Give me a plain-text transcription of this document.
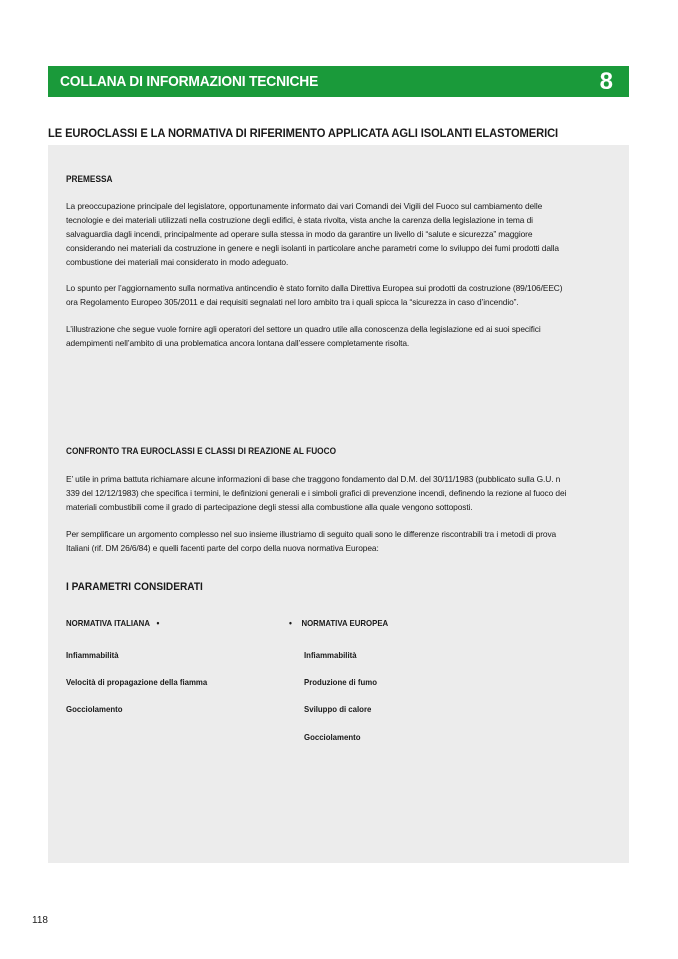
COLLANA DI INFORMAZIONI TECNICHE	8
LE EUROCLASSI E LA NORMATIVA DI RIFERIMENTO APPLICATA AGLI ISOLANTI ELASTOMERICI
PREMESSA

La preoccupazione principale del legislatore, opportunamente informato dai vari Comandi dei Vigili del Fuoco sul cambiamento delle
tecnologie e dei materiali utilizzati nella costruzione degli edifici, è stata rivolta, vista anche la carenza della legislazione in tema di
salvaguardia dagli incendi, principalmente ad operare sulla stessa in modo da garantire un livello di “salute e sicurezza” maggiore
considerando nei materiali da costruzione in genere e negli isolanti in particolare anche parametri come lo sviluppo dei fumi prodotti dalla
combustione dei materiali mai considerato in modo adeguato.

Lo spunto per l’aggiornamento sulla normativa antincendio è stato fornito dalla Direttiva Europea sui prodotti da costruzione (89/106/EEC)
ora Regolamento Europeo 305/2011 e dai requisiti segnalati nel loro ambito tra i quali spicca la “sicurezza in caso d’incendio”.

L’illustrazione che segue vuole fornire agli operatori del settore un quadro utile alla conoscenza della legislazione ed ai suoi specifici
adempimenti nell’ambito di una problematica ancora lontana dall’essere completamente risolta.

CONFRONTO TRA EUROCLASSI E CLASSI DI REAZIONE AL FUOCO

E’ utile in prima battuta richiamare alcune informazioni di base che traggono fondamento dal D.M. del 30/11/1983 (pubblicato sulla G.U. n
339 del 12/12/1983) che specifica i termini, le definizioni generali e i simboli grafici di prevenzione incendi, definendo la rezione al fuoco dei
materiali combustibili come il grado di partecipazione degli stessi alla combustione alla quale vengono sottoposti.

Per semplificare un argomento complesso nel suo insieme illustriamo di seguito quali sono le differenze riscontrabili tra i metodi di prova
Italiani (rif. DM 26/6/84) e quelli facenti parte del corpo della nuova normativa Europea:

I PARAMETRI CONSIDERATI
NORMATIVA ITALIANA •	• NORMATIVA EUROPEA
Infiammabilità
Velocità di propagazione della fiamma
Gocciolamento
Infiammabilità
Produzione di fumo
Sviluppo di calore
Gocciolamento
118
